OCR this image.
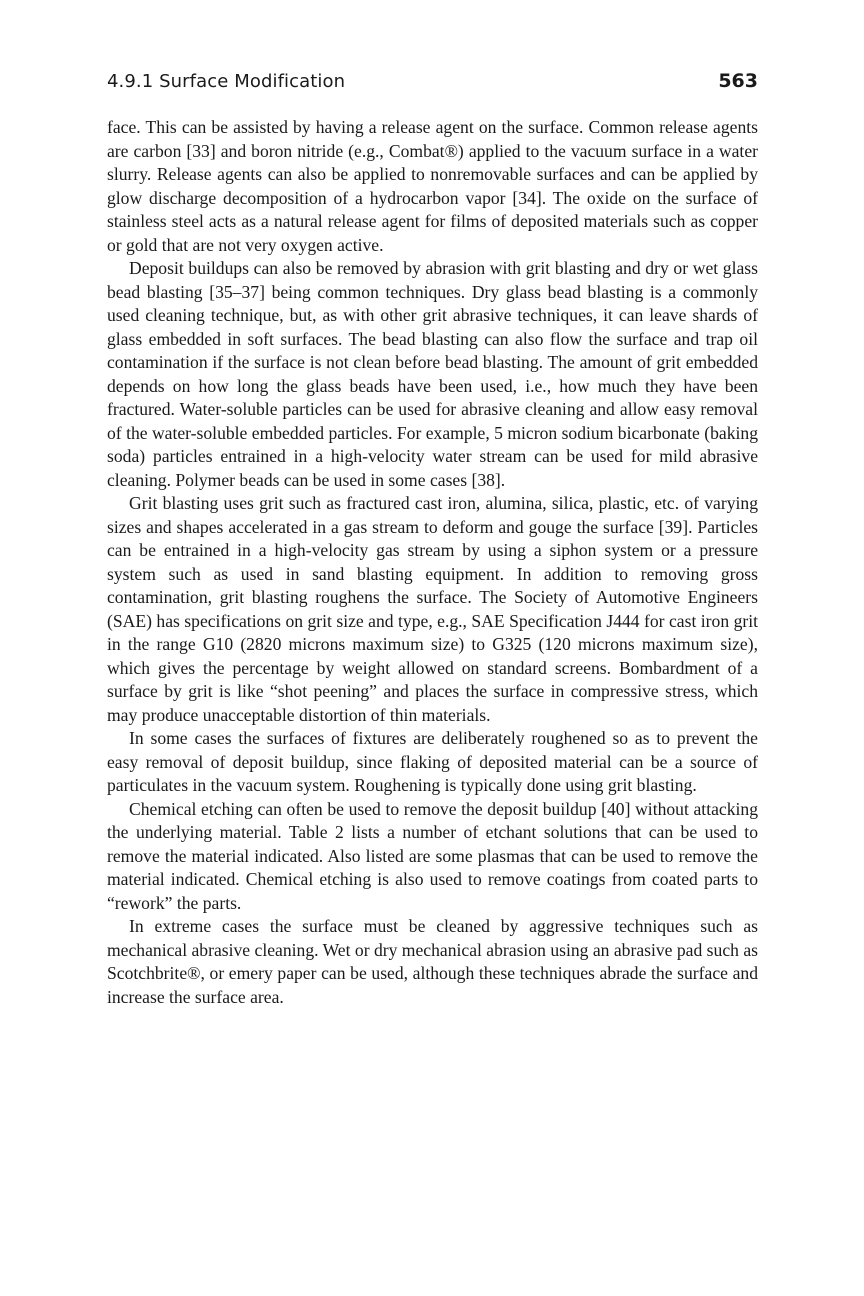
4.9.1 Surface Modification	563

face. This can be assisted by having a release agent on the surface. Common release agents are carbon [33] and boron nitride (e.g., Combat®) applied to the vacuum surface in a water slurry. Release agents can also be applied to nonremovable surfaces and can be applied by glow discharge decomposition of a hydrocarbon vapor [34]. The oxide on the surface of stainless steel acts as a natural release agent for films of deposited materials such as copper or gold that are not very oxygen active.

Deposit buildups can also be removed by abrasion with grit blasting and dry or wet glass bead blasting [35–37] being common techniques. Dry glass bead blasting is a commonly used cleaning technique, but, as with other grit abrasive techniques, it can leave shards of glass embedded in soft surfaces. The bead blasting can also flow the surface and trap oil contamination if the surface is not clean before bead blasting. The amount of grit embedded depends on how long the glass beads have been used, i.e., how much they have been fractured. Water-soluble particles can be used for abrasive cleaning and allow easy removal of the water-soluble embedded particles. For example, 5 micron sodium bicarbonate (baking soda) particles entrained in a high-velocity water stream can be used for mild abrasive cleaning. Polymer beads can be used in some cases [38].

Grit blasting uses grit such as fractured cast iron, alumina, silica, plastic, etc. of varying sizes and shapes accelerated in a gas stream to deform and gouge the surface [39]. Particles can be entrained in a high-velocity gas stream by using a siphon system or a pressure system such as used in sand blasting equipment. In addition to removing gross contamination, grit blasting roughens the surface. The Society of Automotive Engineers (SAE) has specifications on grit size and type, e.g., SAE Specification J444 for cast iron grit in the range G10 (2820 microns maximum size) to G325 (120 microns maximum size), which gives the percentage by weight allowed on standard screens. Bombardment of a surface by grit is like “shot peening” and places the surface in compressive stress, which may produce unacceptable distortion of thin materials.

In some cases the surfaces of fixtures are deliberately roughened so as to prevent the easy removal of deposit buildup, since flaking of deposited material can be a source of particulates in the vacuum system. Roughening is typically done using grit blasting.

Chemical etching can often be used to remove the deposit buildup [40] without attacking the underlying material. Table 2 lists a number of etchant solutions that can be used to remove the material indicated. Also listed are some plasmas that can be used to remove the material indicated. Chemical etching is also used to remove coatings from coated parts to “rework” the parts.

In extreme cases the surface must be cleaned by aggressive techniques such as mechanical abrasive cleaning. Wet or dry mechanical abrasion using an abrasive pad such as Scotchbrite®, or emery paper can be used, although these techniques abrade the surface and increase the surface area.
